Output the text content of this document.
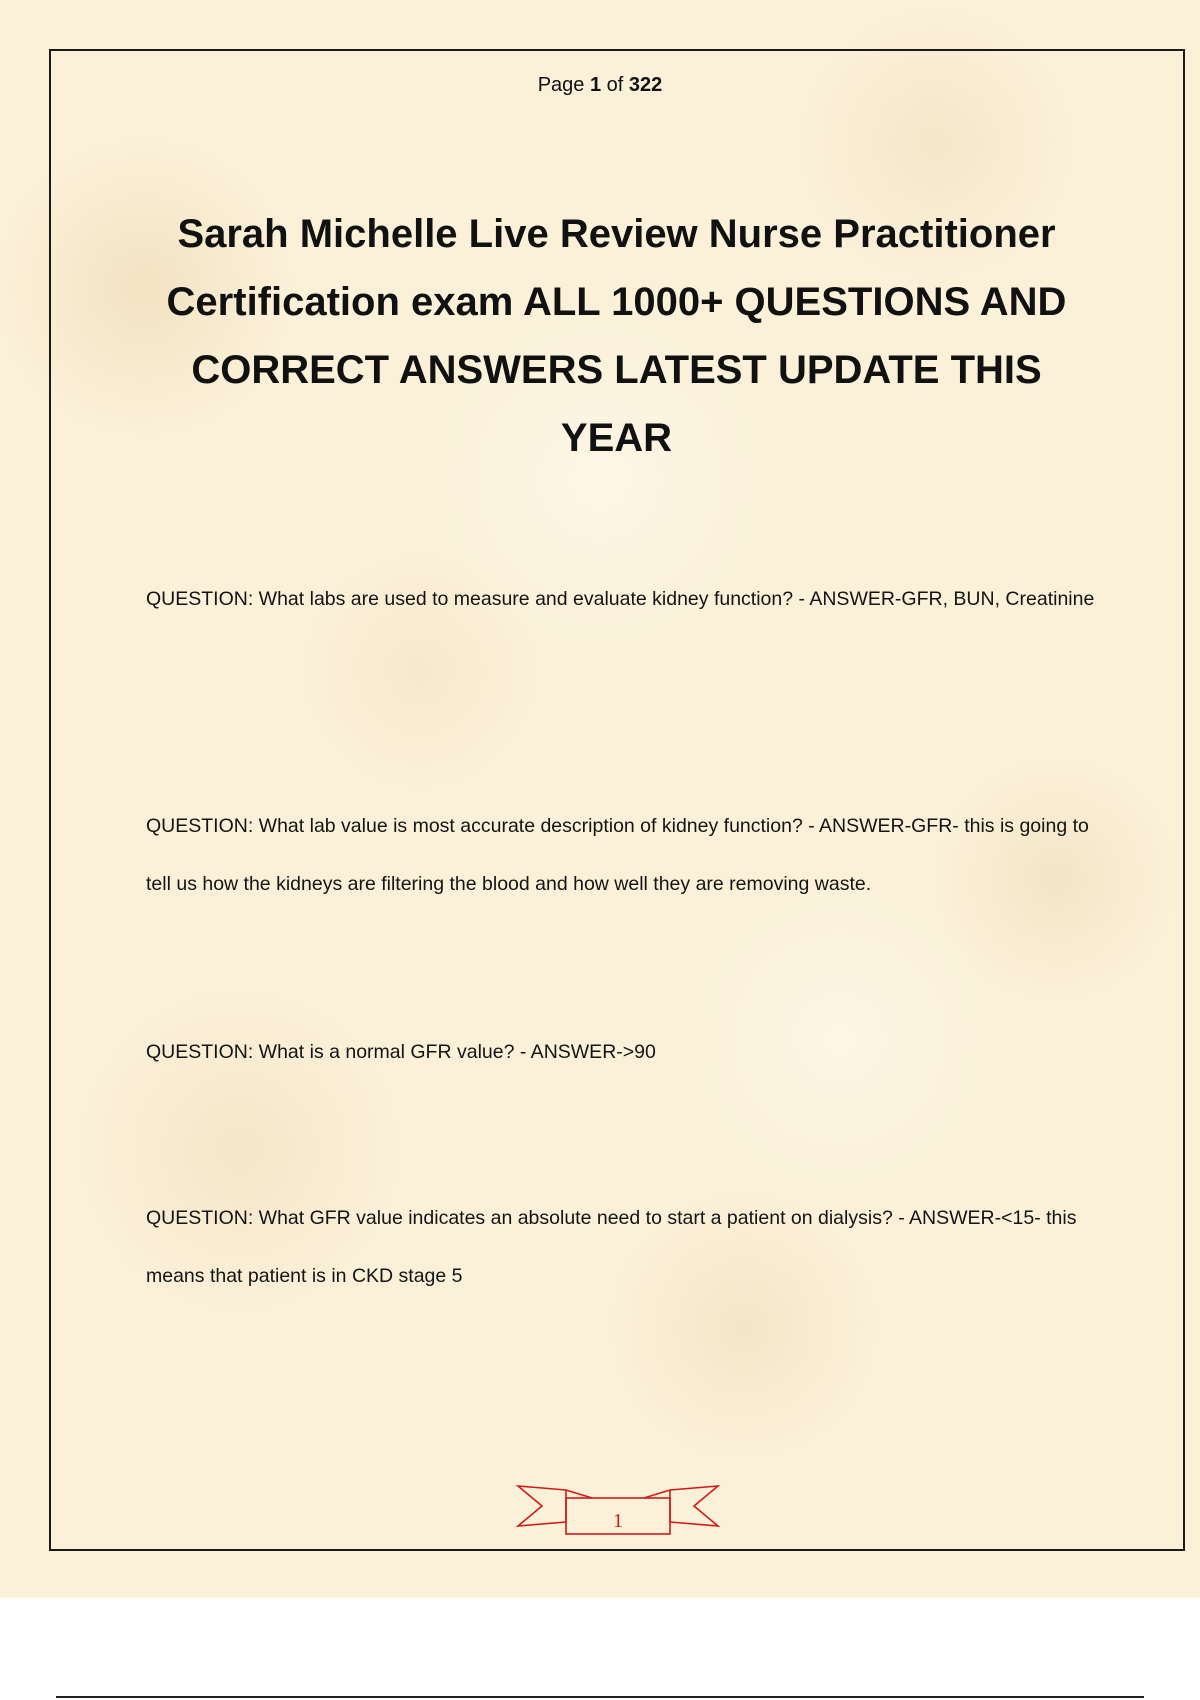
Page 1 of 322
Sarah Michelle Live Review Nurse Practitioner Certification exam ALL 1000+ QUESTIONS AND CORRECT ANSWERS LATEST UPDATE THIS YEAR

QUESTION: What labs are used to measure and evaluate kidney function? - ANSWER-GFR, BUN, Creatinine

QUESTION: What lab value is most accurate description of kidney function? - ANSWER-GFR- this is going to tell us how the kidneys are filtering the blood and how well they are removing waste.

QUESTION: What is a normal GFR value? - ANSWER->90

QUESTION: What GFR value indicates an absolute need to start a patient on dialysis? - ANSWER-<15- this means that patient is in CKD stage 5

1
